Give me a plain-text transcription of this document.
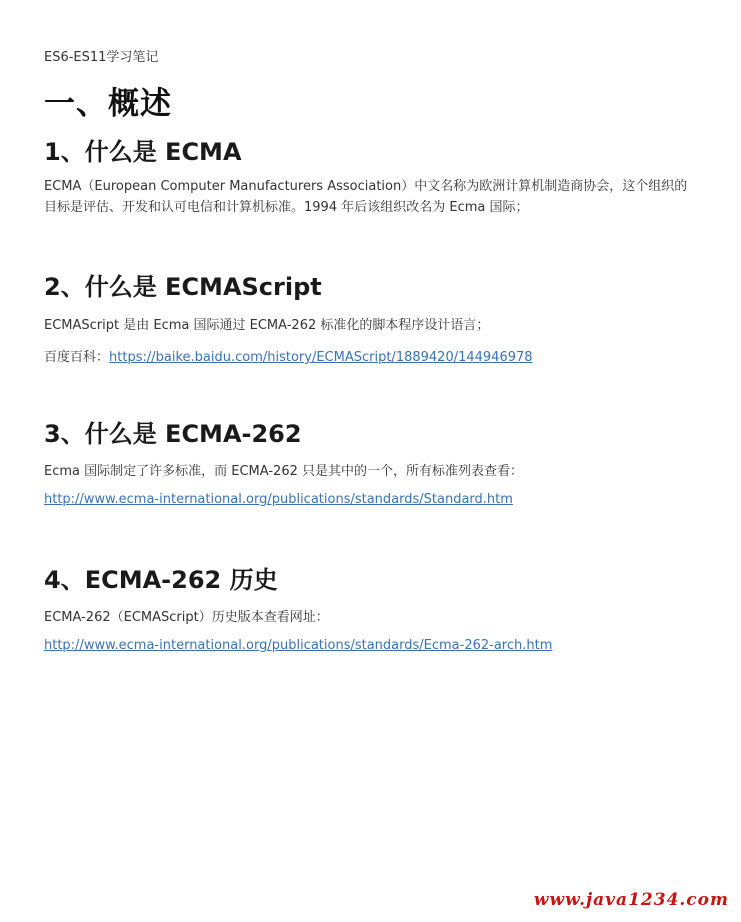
ES6-ES11学习笔记
一、概述
1、什么是 ECMA
ECMA（European Computer Manufacturers Association）中文名称为欧洲计算机制造商协会，这个组织的目标是评估、开发和认可电信和计算机标准。1994 年后该组织改名为 Ecma 国际；
2、什么是 ECMAScript
ECMAScript 是由 Ecma 国际通过 ECMA-262 标准化的脚本程序设计语言；
百度百科：https://baike.baidu.com/history/ECMAScript/1889420/144946978
3、什么是 ECMA-262
Ecma 国际制定了许多标准，而 ECMA-262 只是其中的一个，所有标准列表查看：
http://www.ecma-international.org/publications/standards/Standard.htm
4、ECMA-262 历史
ECMA-262（ECMAScript）历史版本查看网址：
http://www.ecma-international.org/publications/standards/Ecma-262-arch.htm
www.java1234.com
